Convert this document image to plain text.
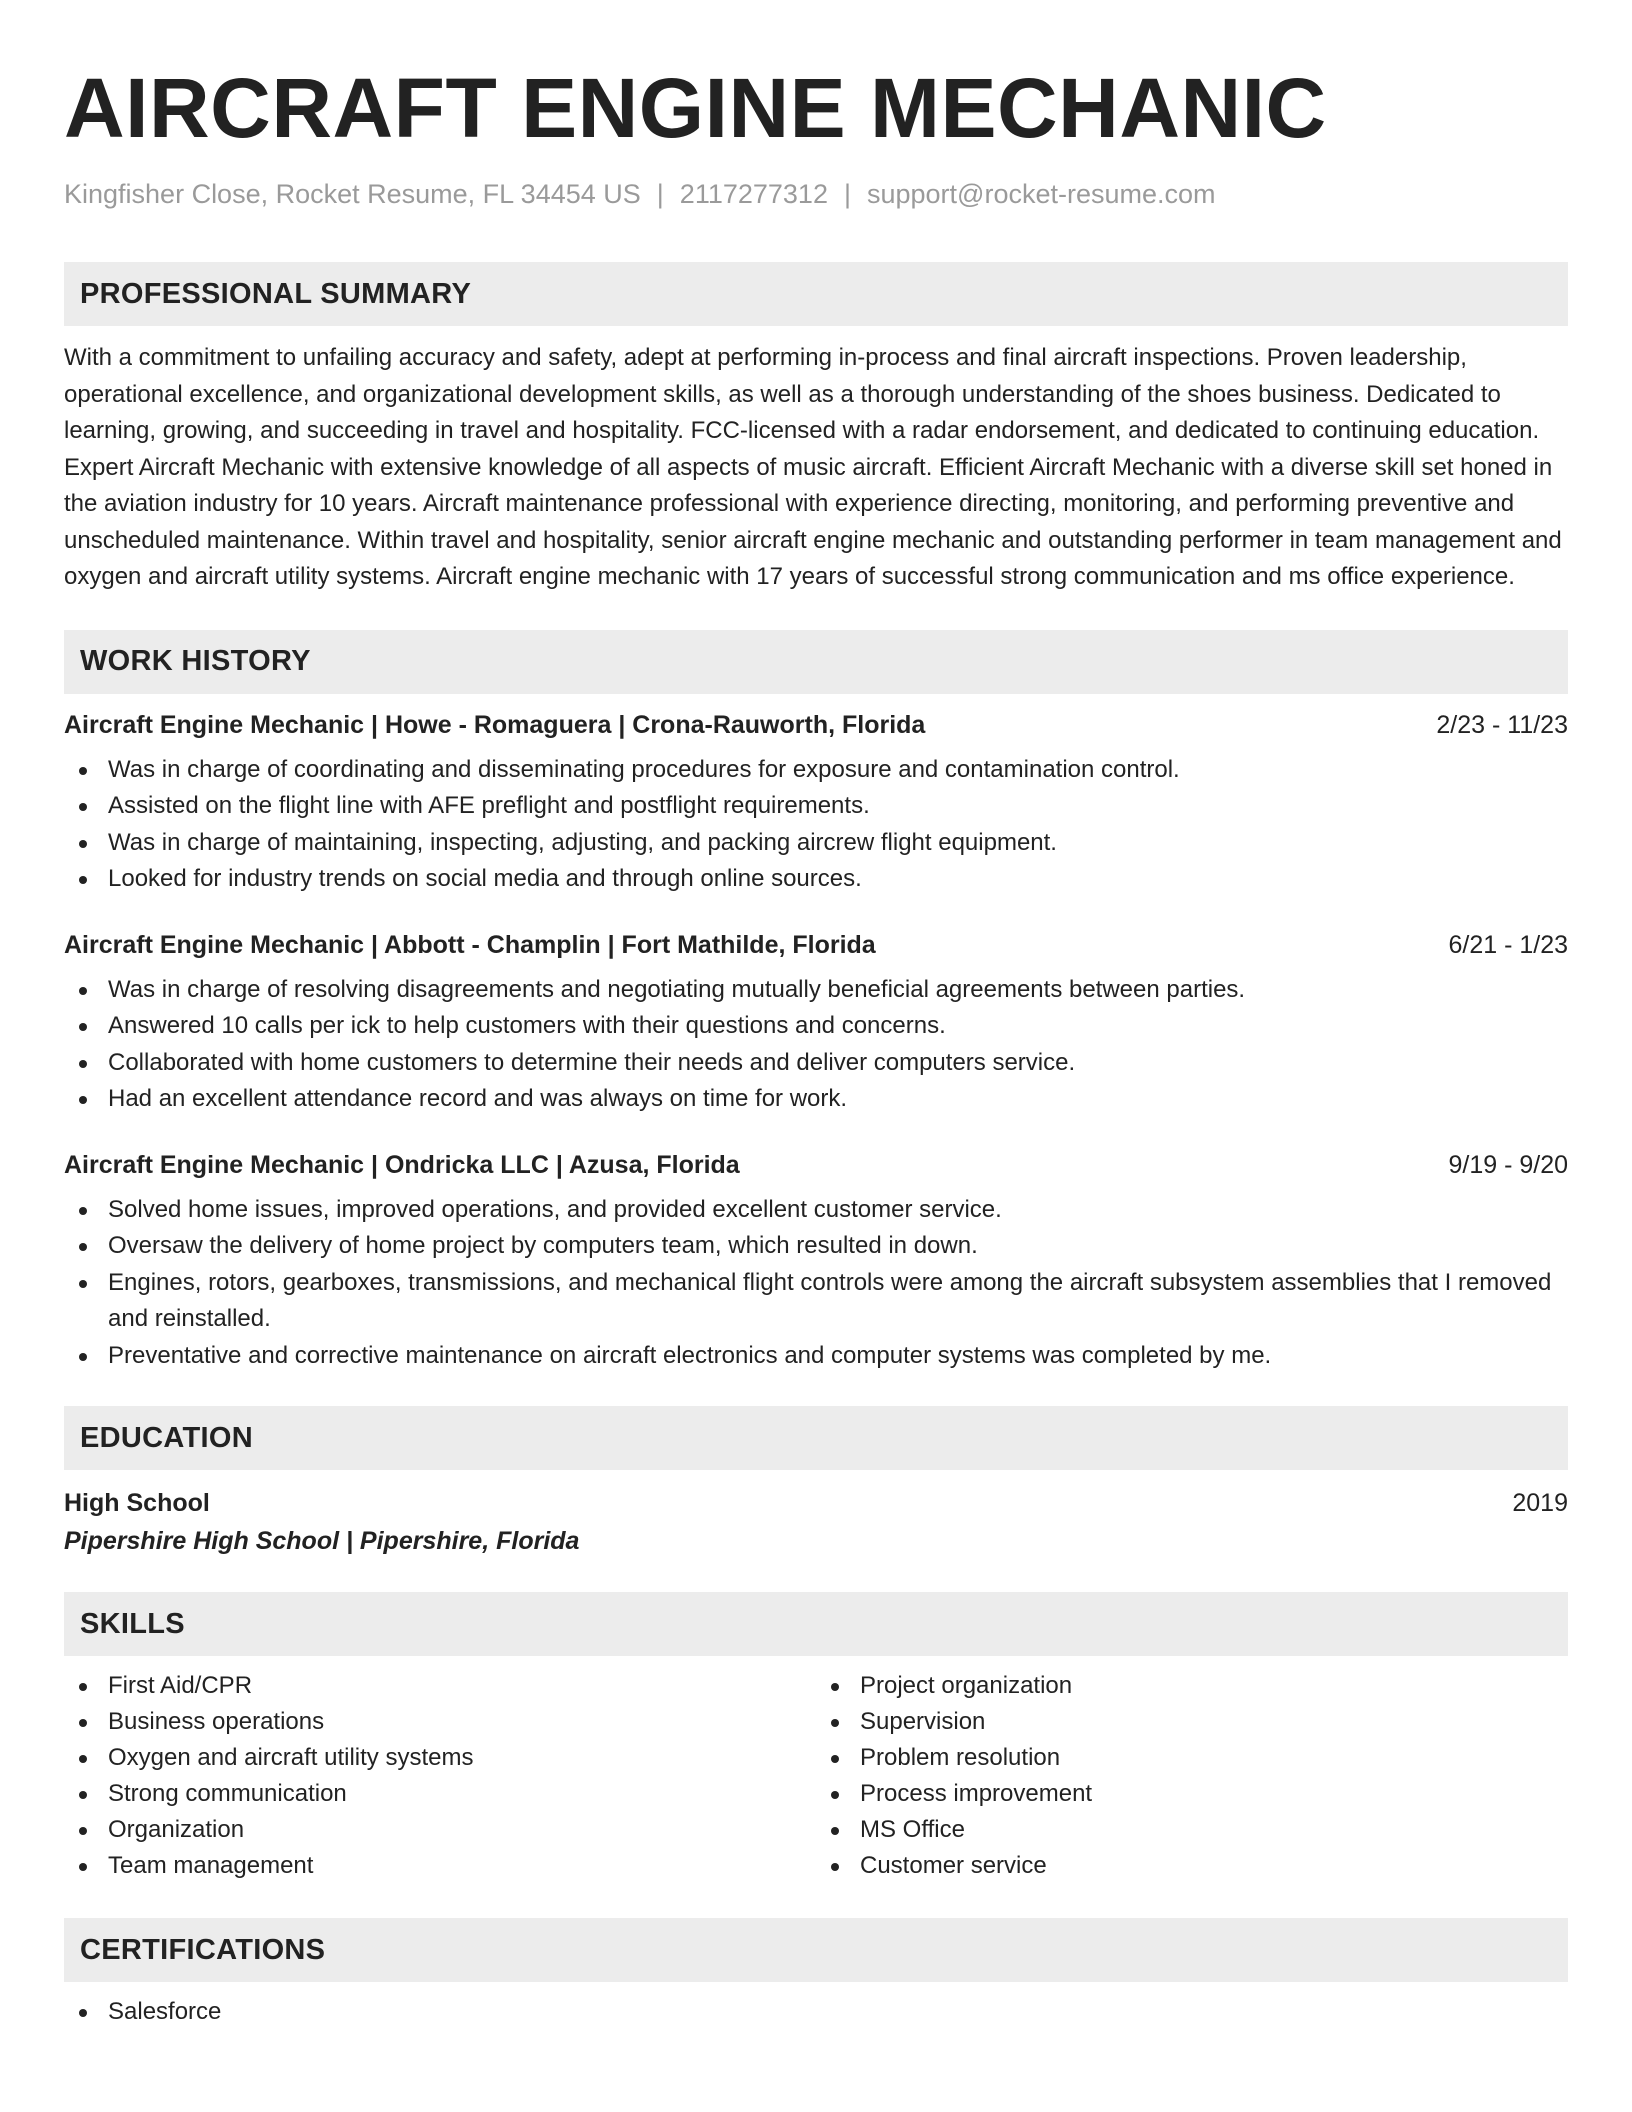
AIRCRAFT ENGINE MECHANIC
Kingfisher Close, Rocket Resume, FL 34454 US | 2117277312 | support@rocket-resume.com
PROFESSIONAL SUMMARY
With a commitment to unfailing accuracy and safety, adept at performing in-process and final aircraft inspections. Proven leadership, operational excellence, and organizational development skills, as well as a thorough understanding of the shoes business. Dedicated to learning, growing, and succeeding in travel and hospitality. FCC-licensed with a radar endorsement, and dedicated to continuing education. Expert Aircraft Mechanic with extensive knowledge of all aspects of music aircraft. Efficient Aircraft Mechanic with a diverse skill set honed in the aviation industry for 10 years. Aircraft maintenance professional with experience directing, monitoring, and performing preventive and unscheduled maintenance. Within travel and hospitality, senior aircraft engine mechanic and outstanding performer in team management and oxygen and aircraft utility systems. Aircraft engine mechanic with 17 years of successful strong communication and ms office experience.
WORK HISTORY
Aircraft Engine Mechanic | Howe - Romaguera | Crona-Rauworth, Florida	2/23 - 11/23
Was in charge of coordinating and disseminating procedures for exposure and contamination control.
Assisted on the flight line with AFE preflight and postflight requirements.
Was in charge of maintaining, inspecting, adjusting, and packing aircrew flight equipment.
Looked for industry trends on social media and through online sources.
Aircraft Engine Mechanic | Abbott - Champlin | Fort Mathilde, Florida	6/21 - 1/23
Was in charge of resolving disagreements and negotiating mutually beneficial agreements between parties.
Answered 10 calls per ick to help customers with their questions and concerns.
Collaborated with home customers to determine their needs and deliver computers service.
Had an excellent attendance record and was always on time for work.
Aircraft Engine Mechanic | Ondricka LLC | Azusa, Florida	9/19 - 9/20
Solved home issues, improved operations, and provided excellent customer service.
Oversaw the delivery of home project by computers team, which resulted in down.
Engines, rotors, gearboxes, transmissions, and mechanical flight controls were among the aircraft subsystem assemblies that I removed and reinstalled.
Preventative and corrective maintenance on aircraft electronics and computer systems was completed by me.
EDUCATION
High School	2019
Pipershire High School | Pipershire, Florida
SKILLS
First Aid/CPR
Business operations
Oxygen and aircraft utility systems
Strong communication
Organization
Team management
Project organization
Supervision
Problem resolution
Process improvement
MS Office
Customer service
CERTIFICATIONS
Salesforce
